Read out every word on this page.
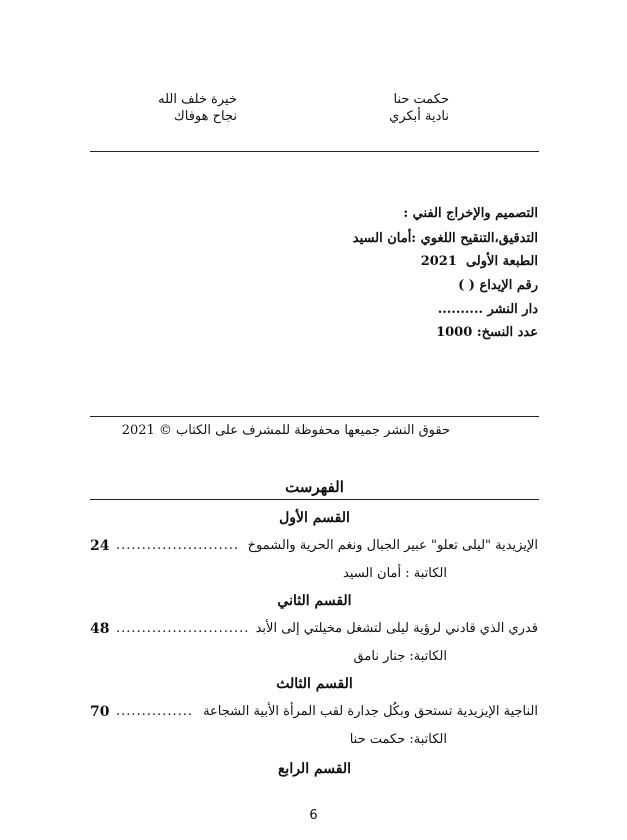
حكمت حنا
نادية أبكري
خيرة خلف الله
نجاح هوفاك
التصميم والإخراج الفني :
التدقيق،التنقيح اللغوي :أمان السيد
الطبعة الأولى  2021
رقم الإيداع ( )
دار النشر ..........
عدد النسخ: 1000
حقوق النشر جميعها محفوظة للمشرف على الكتاب © 2021
الفهرست
القسم الأول
الإيزيدية "ليلى تعلو" عبير الجبال ونغم الحرية والشموخ
........................
24
الكاتبة : أمان السيد
القسم الثاني
قدري الذي قادني لرؤية ليلى لتشغل مخيلتي إلى الأبد
..........................
48
الكاتبة: جنار نامق
القسم الثالث
الناجية الإيزيدية تستحق وبكُل جدارة لقب المرأة الأبية الشجاعة
...............
70
الكاتبة: حكمت حنا
القسم الرابع
6
